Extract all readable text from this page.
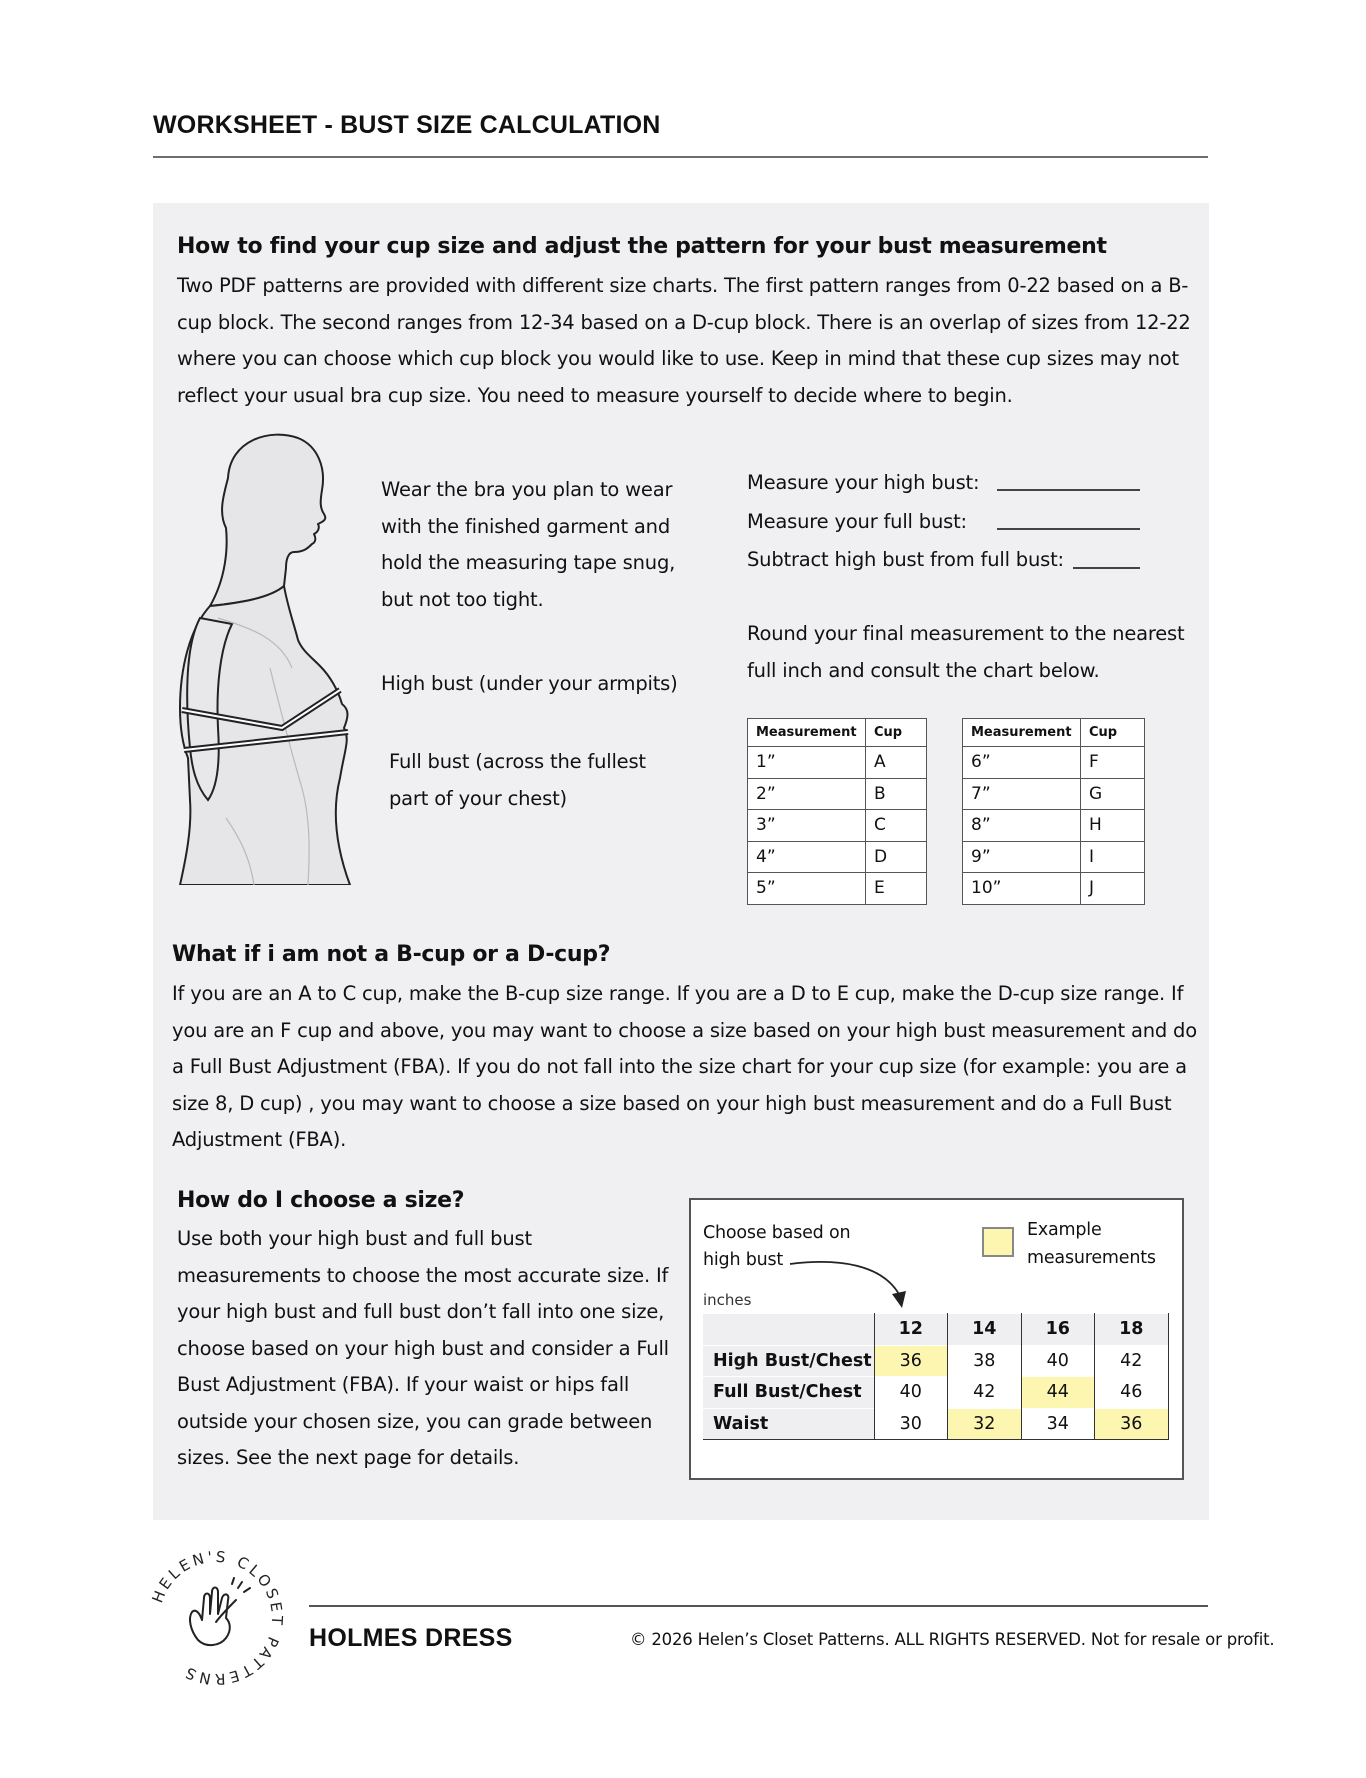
WORKSHEET - BUST SIZE CALCULATION
How to find your cup size and adjust the pattern for your bust measurement
Two PDF patterns are provided with different size charts. The first pattern ranges from 0-22 based on a B-cup block. The second ranges from 12-34 based on a D-cup block. There is an overlap of sizes from 12-22 where you can choose which cup block you would like to use. Keep in mind that these cup sizes may not reflect your usual bra cup size. You need to measure yourself to decide where to begin.
Wear the bra you plan to wear with the finished garment and hold the measuring tape snug, but not too tight.
High bust (under your armpits)
Full bust (across the fullest part of your chest)
Measure your high bust:
Measure your full bust:
Subtract high bust from full bust:
Round your final measurement to the nearest full inch and consult the chart below.
Measurement	Cup
1”	A
2”	B
3”	C
4”	D
5”	E
Measurement	Cup
6”	F
7”	G
8”	H
9”	I
10”	J
What if i am not a B-cup or a D-cup?
If you are an A to C cup, make the B-cup size range. If you are a D to E cup, make the D-cup size range. If you are an F cup and above, you may want to choose a size based on your high bust measurement and do a Full Bust Adjustment (FBA). If you do not fall into the size chart for your cup size (for example: you are a size 8, D cup) , you may want to choose a size based on your high bust measurement and do a Full Bust Adjustment (FBA).
How do I choose a size?
Use both your high bust and full bust measurements to choose the most accurate size. If your high bust and full bust don’t fall into one size, choose based on your high bust and consider a Full Bust Adjustment (FBA). If your waist or hips fall outside your chosen size, you can grade between sizes. See the next page for details.
Choose based on high bust
Example measurements
inches
	12	14	16	18
High Bust/Chest	36	38	40	42
Full Bust/Chest	40	42	44	46
Waist	30	32	34	36
HELEN'S CLOSET PATTERNS
HOLMES DRESS	© 2026 Helen’s Closet Patterns. ALL RIGHTS RESERVED. Not for resale or profit.
